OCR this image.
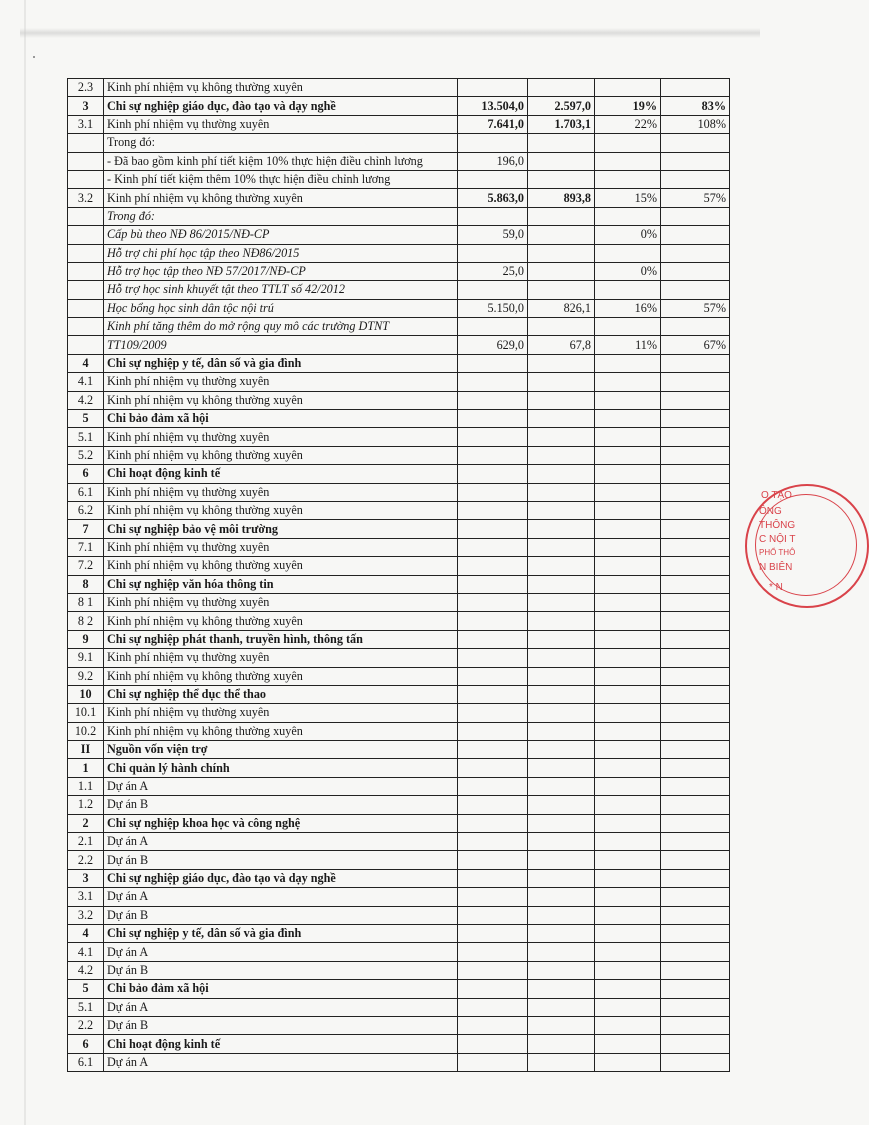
2.3	Kinh phí nhiệm vụ không thường xuyên				
3	Chi sự nghiệp giáo dục, đào tạo và dạy nghề	13.504,0	2.597,0	19%	83%
3.1	Kinh phí nhiệm vụ thường xuyên	7.641,0	1.703,1	22%	108%
	Trong đó:				
	- Đã bao gồm kinh phí tiết kiệm 10% thực hiện điều chỉnh lương	196,0			
	- Kinh phí tiết kiệm thêm 10% thực hiện điều chỉnh lương				
3.2	Kinh phí nhiệm vụ không thường xuyên	5.863,0	893,8	15%	57%
	Trong đó:				
	Cấp bù theo NĐ 86/2015/NĐ-CP	59,0		0%	
	Hỗ trợ chi phí học tập theo NĐ86/2015				
	Hỗ trợ học tập theo NĐ 57/2017/NĐ-CP	25,0		0%	
	Hỗ trợ học sinh khuyết tật theo TTLT số 42/2012				
	Học bổng học sinh dân tộc nội trú	5.150,0	826,1	16%	57%
	Kinh phí tăng thêm do mở rộng quy mô các trường DTNT				
	TT109/2009	629,0	67,8	11%	67%
4	Chi sự nghiệp y tế, dân số và gia đình				
4.1	Kinh phí nhiệm vụ thường xuyên				
4.2	Kinh phí nhiệm vụ không thường xuyên				
5	Chi bảo đảm xã hội				
5.1	Kinh phí nhiệm vụ thường xuyên				
5.2	Kinh phí nhiệm vụ không thường xuyên				
6	Chi hoạt động kinh tế				
6.1	Kinh phí nhiệm vụ thường xuyên				
6.2	Kinh phí nhiệm vụ không thường xuyên				
7	Chi sự nghiệp bảo vệ môi trường				
7.1	Kinh phí nhiệm vụ thường xuyên				
7.2	Kinh phí nhiệm vụ không thường xuyên				
8	Chi sự nghiệp văn hóa thông tin				
8 1	Kinh phí nhiệm vụ thường xuyên				
8 2	Kinh phí nhiệm vụ không thường xuyên				
9	Chi sự nghiệp phát thanh, truyền hình, thông tấn				
9.1	Kinh phí nhiệm vụ thường xuyên				
9.2	Kinh phí nhiệm vụ không thường xuyên				
10	Chi sự nghiệp thể dục thể thao				
10.1	Kinh phí nhiệm vụ thường xuyên				
10.2	Kinh phí nhiệm vụ không thường xuyên				
II	Nguồn vốn viện trợ				
1	Chi quản lý hành chính				
1.1	Dự án A				
1.2	Dự án B				
2	Chi sự nghiệp khoa học và công nghệ				
2.1	Dự án A				
2.2	Dự án B				
3	Chi sự nghiệp giáo dục, đào tạo và dạy nghề				
3.1	Dự án A				
3.2	Dự án B				
4	Chi sự nghiệp y tế, dân số và gia đình				
4.1	Dự án A				
4.2	Dự án B				
5	Chi bảo đảm xã hội				
5.1	Dự án A				
2.2	Dự án B				
6	Chi hoạt động kinh tế				
6.1	Dự án A				
O TẠO
ÔNG
THÔNG
C NỘI T
PHỔ THÔ
N BIÊN
* N
